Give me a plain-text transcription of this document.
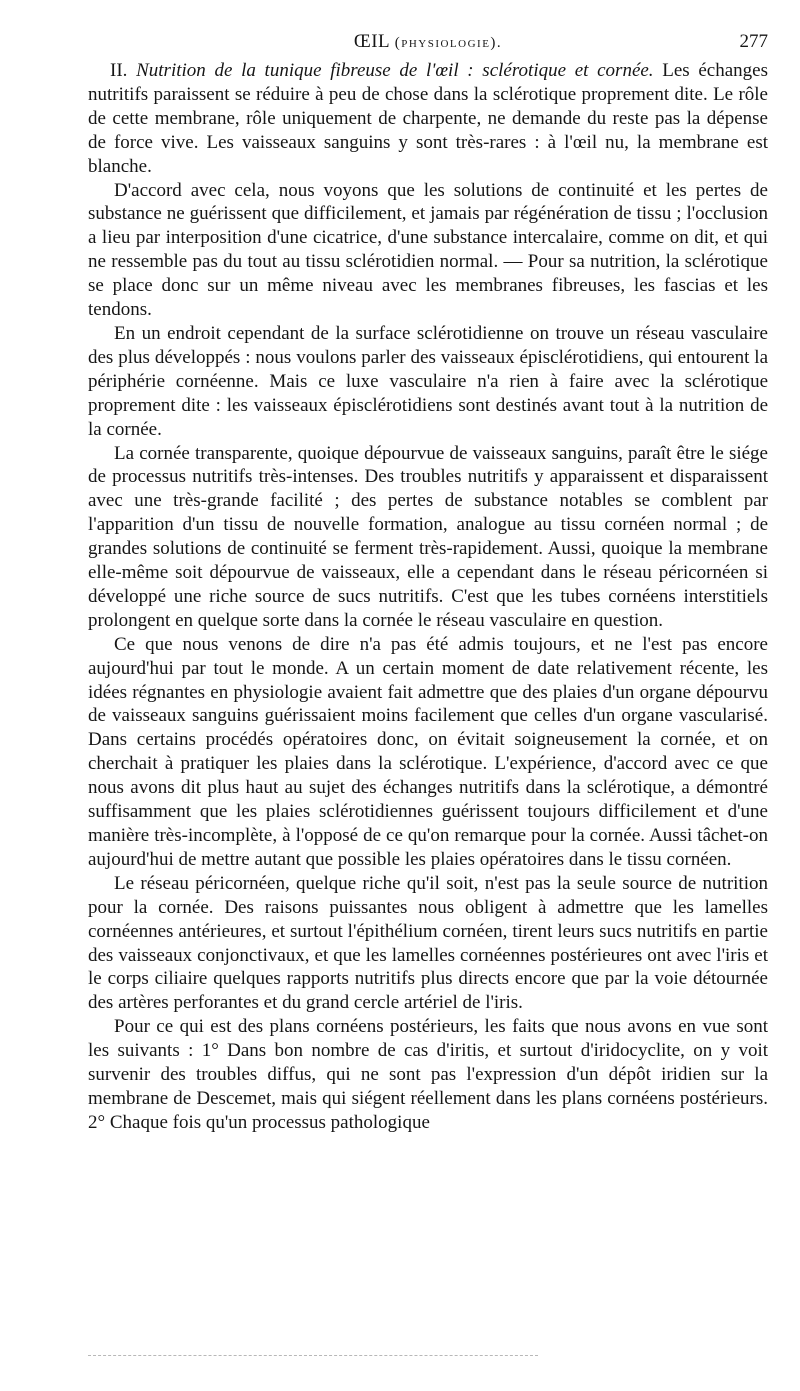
ŒIL (physiologie).	277

II. Nutrition de la tunique fibreuse de l'œil : sclérotique et cornée. Les échanges nutritifs paraissent se réduire à peu de chose dans la sclérotique proprement dite. Le rôle de cette membrane, rôle uniquement de charpente, ne demande du reste pas la dépense de force vive. Les vaisseaux sanguins y sont très-rares : à l'œil nu, la membrane est blanche.

D'accord avec cela, nous voyons que les solutions de continuité et les pertes de substance ne guérissent que difficilement, et jamais par régénération de tissu ; l'occlusion a lieu par interposition d'une cicatrice, d'une substance intercalaire, comme on dit, et qui ne ressemble pas du tout au tissu sclérotidien normal. — Pour sa nutrition, la sclérotique se place donc sur un même niveau avec les membranes fibreuses, les fascias et les tendons.

En un endroit cependant de la surface sclérotidienne on trouve un réseau vasculaire des plus développés : nous voulons parler des vaisseaux épisclérotidiens, qui entourent la périphérie cornéenne. Mais ce luxe vasculaire n'a rien à faire avec la sclérotique proprement dite : les vaisseaux épisclérotidiens sont destinés avant tout à la nutrition de la cornée.

La cornée transparente, quoique dépourvue de vaisseaux sanguins, paraît être le siége de processus nutritifs très-intenses. Des troubles nutritifs y apparaissent et disparaissent avec une très-grande facilité ; des pertes de substance notables se comblent par l'apparition d'un tissu de nouvelle formation, analogue au tissu cornéen normal ; de grandes solutions de continuité se ferment très-rapidement. Aussi, quoique la membrane elle-même soit dépourvue de vaisseaux, elle a cependant dans le réseau péricornéen si développé une riche source de sucs nutritifs. C'est que les tubes cornéens interstitiels prolongent en quelque sorte dans la cornée le réseau vasculaire en question.

Ce que nous venons de dire n'a pas été admis toujours, et ne l'est pas encore aujourd'hui par tout le monde. A un certain moment de date relativement récente, les idées régnantes en physiologie avaient fait admettre que des plaies d'un organe dépourvu de vaisseaux sanguins guérissaient moins facilement que celles d'un organe vascularisé. Dans certains procédés opératoires donc, on évitait soigneusement la cornée, et on cherchait à pratiquer les plaies dans la sclérotique. L'expérience, d'accord avec ce que nous avons dit plus haut au sujet des échanges nutritifs dans la sclérotique, a démontré suffisamment que les plaies sclérotidiennes guérissent toujours difficilement et d'une manière très-incomplète, à l'opposé de ce qu'on remarque pour la cornée. Aussi tâchet-on aujourd'hui de mettre autant que possible les plaies opératoires dans le tissu cornéen.

Le réseau péricornéen, quelque riche qu'il soit, n'est pas la seule source de nutrition pour la cornée. Des raisons puissantes nous obligent à admettre que les lamelles cornéennes antérieures, et surtout l'épithélium cornéen, tirent leurs sucs nutritifs en partie des vaisseaux conjonctivaux, et que les lamelles cornéennes postérieures ont avec l'iris et le corps ciliaire quelques rapports nutritifs plus directs encore que par la voie détournée des artères perforantes et du grand cercle artériel de l'iris.

Pour ce qui est des plans cornéens postérieurs, les faits que nous avons en vue sont les suivants : 1° Dans bon nombre de cas d'iritis, et surtout d'iridocyclite, on y voit survenir des troubles diffus, qui ne sont pas l'expression d'un dépôt iridien sur la membrane de Descemet, mais qui siégent réellement dans les plans cornéens postérieurs. 2° Chaque fois qu'un processus pathologique
